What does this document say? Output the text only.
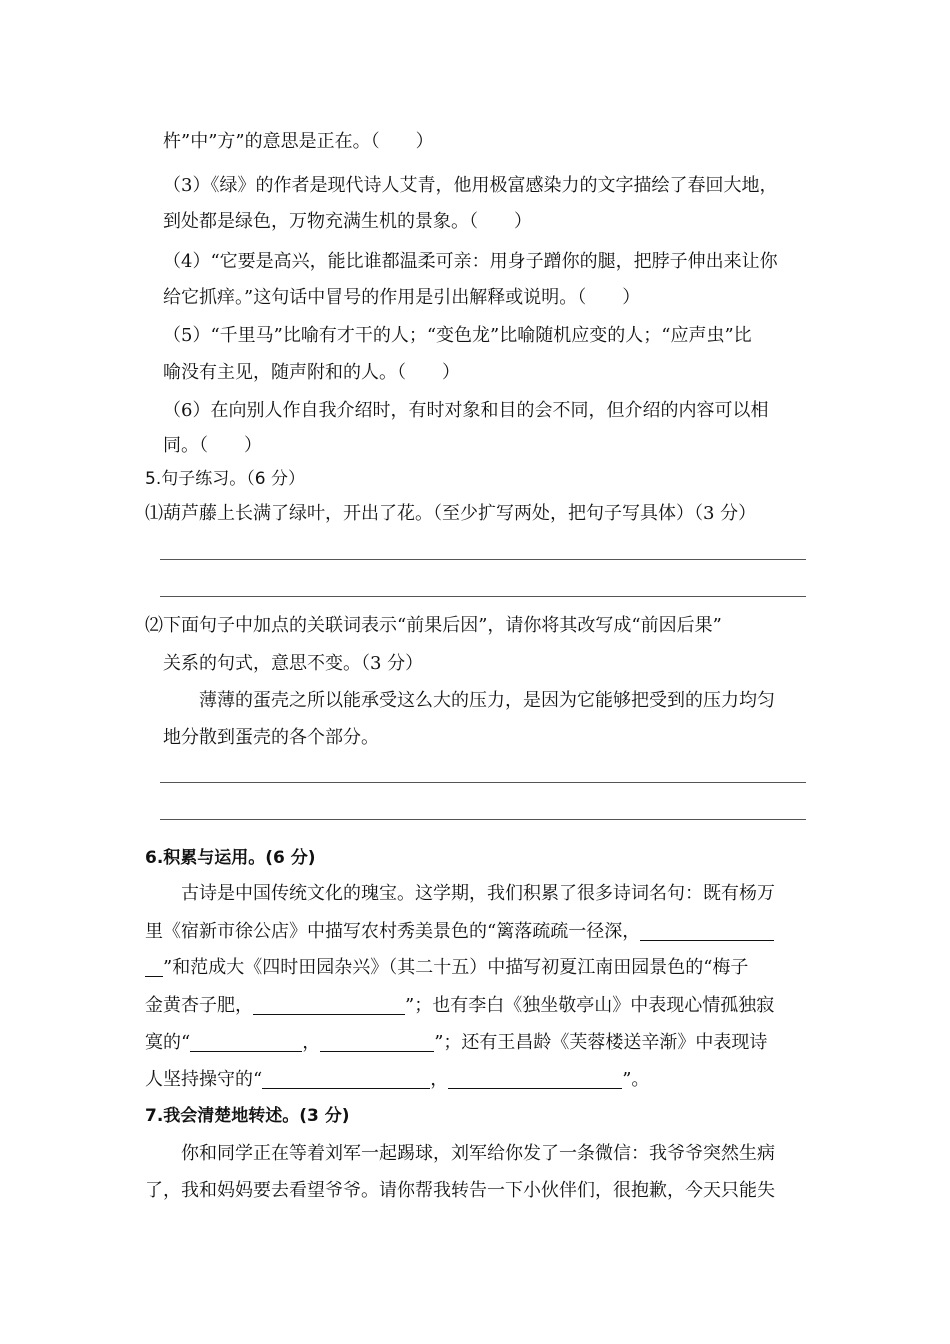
杵”中”方”的意思是正在。（　　）
（3）《绿》的作者是现代诗人艾青，他用极富感染力的文字描绘了春回大地，
到处都是绿色，万物充满生机的景象。（　　）
（4）“它要是高兴，能比谁都温柔可亲：用身子蹭你的腿，把脖子伸出来让你
给它抓痒。”这句话中冒号的作用是引出解释或说明。（　　）
（5）“千里马”比喻有才干的人；“变色龙”比喻随机应变的人；“应声虫”比
喻没有主见，随声附和的人。（　　）
（6）在向别人作自我介绍时，有时对象和目的会不同，但介绍的内容可以相
同。（　　）
5.句子练习。（6 分）
⑴葫芦藤上长满了绿叶，开出了花。（至少扩写两处，把句子写具体）（3 分）
⑵下面句子中加点的关联词表示“前果后因”，请你将其改写成“前因后果”
关系的句式，意思不变。（3 分）
薄薄的蛋壳之所以能承受这么大的压力，是因为它能够把受到的压力均匀
地分散到蛋壳的各个部分。
6.积累与运用。(6 分)
古诗是中国传统文化的瑰宝。这学期，我们积累了很多诗词名句：既有杨万
里《宿新市徐公店》中描写农村秀美景色的“篱落疏疏一径深，
”和范成大《四时田园杂兴》（其二十五）中描写初夏江南田园景色的“梅子
金黄杏子肥，	”；也有李白《独坐敬亭山》中表现心情孤独寂
寞的“	，	”；还有王昌龄《芙蓉楼送辛渐》中表现诗
人坚持操守的“	，	”。
7.我会清楚地转述。(3 分)
你和同学正在等着刘军一起踢球，刘军给你发了一条微信：我爷爷突然生病
了，我和妈妈要去看望爷爷。请你帮我转告一下小伙伴们，很抱歉，今天只能失
